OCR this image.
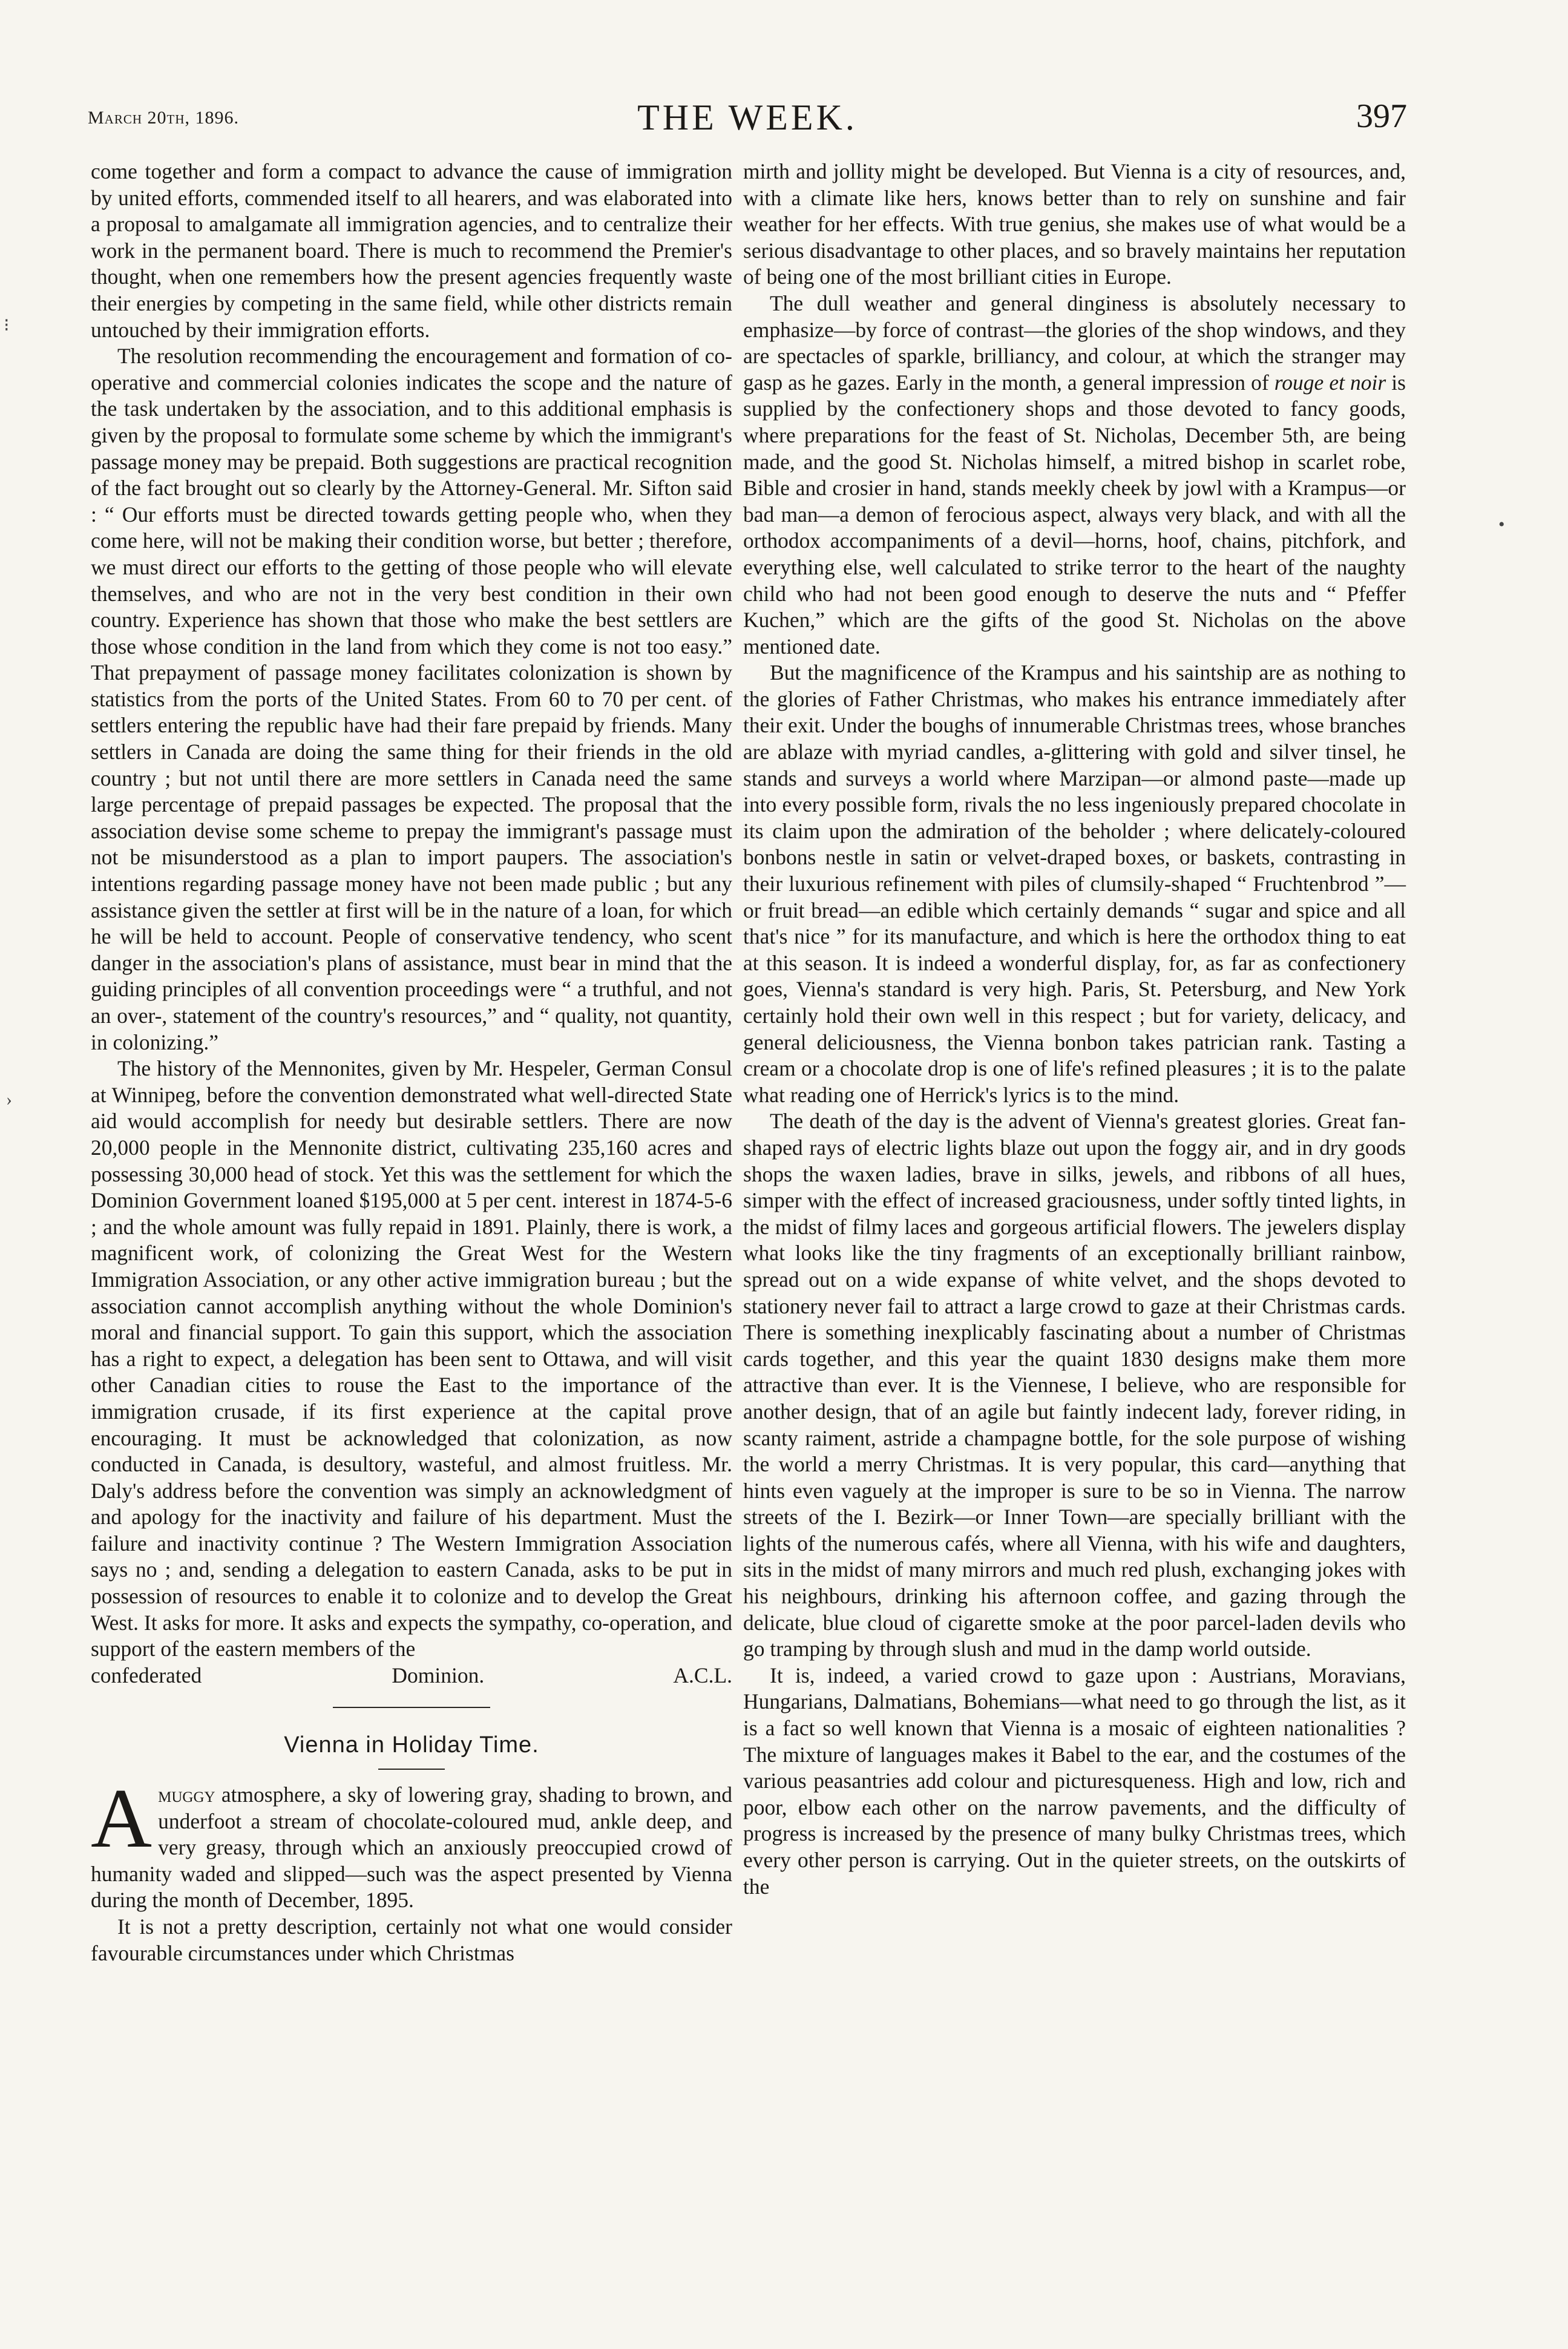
March 20th, 1896.	THE WEEK.	397

come together and form a compact to advance the cause of immigration by united efforts, commended itself to all hearers, and was elaborated into a proposal to amalgamate all immigration agencies, and to centralize their work in the permanent board. There is much to recommend the Premier's thought, when one remembers how the present agencies frequently waste their energies by competing in the same field, while other districts remain untouched by their immigration efforts.

The resolution recommending the encouragement and formation of co-operative and commercial colonies indicates the scope and the nature of the task undertaken by the association, and to this additional emphasis is given by the proposal to formulate some scheme by which the immigrant's passage money may be prepaid. Both suggestions are practical recognition of the fact brought out so clearly by the Attorney-General. Mr. Sifton said : “ Our efforts must be directed towards getting people who, when they come here, will not be making their condition worse, but better ; therefore, we must direct our efforts to the getting of those people who will elevate themselves, and who are not in the very best condition in their own country. Experience has shown that those who make the best settlers are those whose condition in the land from which they come is not too easy.” That prepayment of passage money facilitates colonization is shown by statistics from the ports of the United States. From 60 to 70 per cent. of settlers entering the republic have had their fare prepaid by friends. Many settlers in Canada are doing the same thing for their friends in the old country ; but not until there are more settlers in Canada need the same large percentage of prepaid passages be expected. The proposal that the association devise some scheme to prepay the immigrant's passage must not be misunderstood as a plan to import paupers. The association's intentions regarding passage money have not been made public ; but any assistance given the settler at first will be in the nature of a loan, for which he will be held to account. People of conservative tendency, who scent danger in the association's plans of assistance, must bear in mind that the guiding principles of all convention proceedings were “ a truthful, and not an over-, statement of the country's resources,” and “ quality, not quantity, in colonizing.”

The history of the Mennonites, given by Mr. Hespeler, German Consul at Winnipeg, before the convention demonstrated what well-directed State aid would accomplish for needy but desirable settlers. There are now 20,000 people in the Mennonite district, cultivating 235,160 acres and possessing 30,000 head of stock. Yet this was the settlement for which the Dominion Government loaned $195,000 at 5 per cent. interest in 1874-5-6 ; and the whole amount was fully repaid in 1891. Plainly, there is work, a magnificent work, of colonizing the Great West for the Western Immigration Association, or any other active immigration bureau ; but the association cannot accomplish anything without the whole Dominion's moral and financial support. To gain this support, which the association has a right to expect, a delegation has been sent to Ottawa, and will visit other Canadian cities to rouse the East to the importance of the immigration crusade, if its first experience at the capital prove encouraging. It must be acknowledged that colonization, as now conducted in Canada, is desultory, wasteful, and almost fruitless. Mr. Daly's address before the convention was simply an acknowledgment of and apology for the inactivity and failure of his department. Must the failure and inactivity continue ? The Western Immigration Association says no ; and, sending a delegation to eastern Canada, asks to be put in possession of resources to enable it to colonize and to develop the Great West. It asks for more. It asks and expects the sympathy, co-operation, and support of the eastern members of the

confederated Dominion.	A.C.L.

Vienna in Holiday Time.

Amuggy atmosphere, a sky of lowering gray, shading to brown, and underfoot a stream of chocolate-coloured mud, ankle deep, and very greasy, through which an anxiously preoccupied crowd of humanity waded and slipped—such was the aspect presented by Vienna during the month of December, 1895.

It is not a pretty description, certainly not what one would consider favourable circumstances under which Christmas

mirth and jollity might be developed. But Vienna is a city of resources, and, with a climate like hers, knows better than to rely on sunshine and fair weather for her effects. With true genius, she makes use of what would be a serious disadvantage to other places, and so bravely maintains her reputation of being one of the most brilliant cities in Europe.

The dull weather and general dinginess is absolutely necessary to emphasize—by force of contrast—the glories of the shop windows, and they are spectacles of sparkle, brilliancy, and colour, at which the stranger may gasp as he gazes. Early in the month, a general impression of rouge et noir is supplied by the confectionery shops and those devoted to fancy goods, where preparations for the feast of St. Nicholas, December 5th, are being made, and the good St. Nicholas himself, a mitred bishop in scarlet robe, Bible and crosier in hand, stands meekly cheek by jowl with a Krampus—or bad man—a demon of ferocious aspect, always very black, and with all the orthodox accompaniments of a devil—horns, hoof, chains, pitchfork, and everything else, well calculated to strike terror to the heart of the naughty child who had not been good enough to deserve the nuts and “ Pfeffer Kuchen,” which are the gifts of the good St. Nicholas on the above mentioned date.

But the magnificence of the Krampus and his saintship are as nothing to the glories of Father Christmas, who makes his entrance immediately after their exit. Under the boughs of innumerable Christmas trees, whose branches are ablaze with myriad candles, a-glittering with gold and silver tinsel, he stands and surveys a world where Marzipan—or almond paste—made up into every possible form, rivals the no less ingeniously prepared chocolate in its claim upon the admiration of the beholder ; where delicately-coloured bonbons nestle in satin or velvet-draped boxes, or baskets, contrasting in their luxurious refinement with piles of clumsily-shaped “ Fruchtenbrod ”—or fruit bread—an edible which certainly demands “ sugar and spice and all that's nice ” for its manufacture, and which is here the orthodox thing to eat at this season. It is indeed a wonderful display, for, as far as confectionery goes, Vienna's standard is very high. Paris, St. Petersburg, and New York certainly hold their own well in this respect ; but for variety, delicacy, and general deliciousness, the Vienna bonbon takes patrician rank. Tasting a cream or a chocolate drop is one of life's refined pleasures ; it is to the palate what reading one of Herrick's lyrics is to the mind.

The death of the day is the advent of Vienna's greatest glories. Great fan-shaped rays of electric lights blaze out upon the foggy air, and in dry goods shops the waxen ladies, brave in silks, jewels, and ribbons of all hues, simper with the effect of increased graciousness, under softly tinted lights, in the midst of filmy laces and gorgeous artificial flowers. The jewelers display what looks like the tiny fragments of an exceptionally brilliant rainbow, spread out on a wide expanse of white velvet, and the shops devoted to stationery never fail to attract a large crowd to gaze at their Christmas cards. There is something inexplicably fascinating about a number of Christmas cards together, and this year the quaint 1830 designs make them more attractive than ever. It is the Viennese, I believe, who are responsible for another design, that of an agile but faintly indecent lady, forever riding, in scanty raiment, astride a champagne bottle, for the sole purpose of wishing the world a merry Christmas. It is very popular, this card—anything that hints even vaguely at the improper is sure to be so in Vienna. The narrow streets of the I. Bezirk—or Inner Town—are specially brilliant with the lights of the numerous cafés, where all Vienna, with his wife and daughters, sits in the midst of many mirrors and much red plush, exchanging jokes with his neighbours, drinking his afternoon coffee, and gazing through the delicate, blue cloud of cigarette smoke at the poor parcel-laden devils who go tramping by through slush and mud in the damp world outside.

It is, indeed, a varied crowd to gaze upon : Austrians, Moravians, Hungarians, Dalmatians, Bohemians—what need to go through the list, as it is a fact so well known that Vienna is a mosaic of eighteen nationalities ? The mixture of languages makes it Babel to the ear, and the costumes of the various peasantries add colour and picturesqueness. High and low, rich and poor, elbow each other on the narrow pavements, and the difficulty of progress is increased by the presence of many bulky Christmas trees, which every other person is carrying. Out in the quieter streets, on the outskirts of the

⁝
›
•
